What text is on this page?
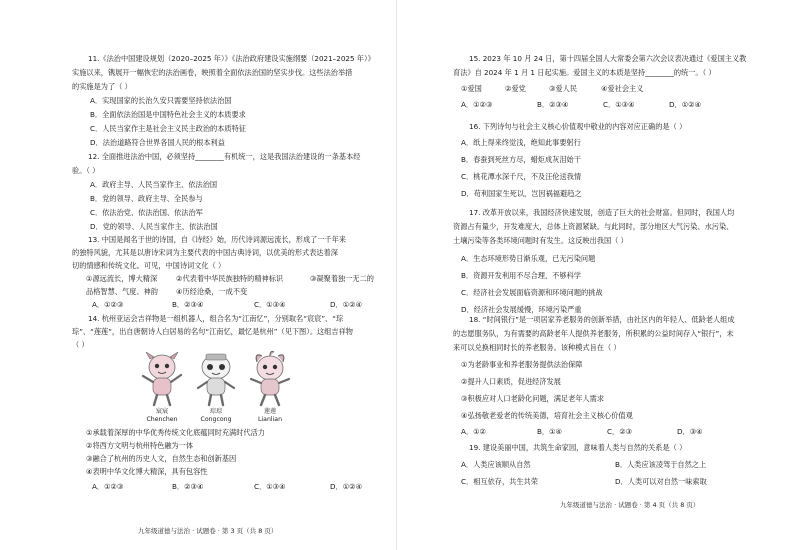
11.《法治中国建设规划（2020–2025 年）》《法治政府建设实施纲要（2021–2025 年）》
实施以来，镌展开一幅恢宏的法治画卷，映照着全面依法治国的坚实步伐。这些法治举措
的实施是为了（ ）
A．实现国家的长治久安只需要坚持依法治国
B．全面依法治国是中国特色社会主义的本质要求
C．人民当家作主是社会主义民主政治的本质特征
D．法治道路符合世界各国人民的根本利益
12. 全面推进法治中国，必须坚持________有机统一，这是我国法治建设的一条基本经
验。（ ）
A．政府主导、人民当家作主、依法治国
B．党的领导、政府主导、全民参与
C．依法治党、依法治国、依法治军
D．党的领导、人民当家作主、依法治国
13. 中国是闻名于世的诗国，自《诗经》始，历代诗词源远流长，形成了一千年来
的独特风貌，尤其是以唐诗宋词为主要代表的中国古典诗词，以优美的形式表达着深
切的情感和传统文化。可见，中国诗词文化（ ）
①源远流长，博大精深	②代表着中华民族独特的精神标识	③凝聚着独一无二的
品格智慧、气度、神韵	④历经沧桑，一成不变
A．①②③	B．②③④	C．①③④	D．①②④
14. 杭州亚运会吉祥物是一组机器人，组合名为“江南忆”，分别取名“宸宸”、“琮
琮”、“莲莲”，出自唐朝诗人白居易的名句“江南忆，最忆是杭州”（见下图）。这组吉祥物
（ ）
宸宸
Chenchen
琮琮
Congcong
莲莲
Lianlian
①承载着深厚的中华优秀传统文化底蕴同时充满时代活力
②将西方文明与杭州特色融为一体
③融合了杭州的历史人文，自然生态和创新基因
④表明中华文化博大精深，具有包容性
A．①②③	B．②③④	C．①③④	D．①②④
九年级道德与法治 · 试题卷 · 第 3 页（共 8 页）
15. 2023 年 10 月 24 日，第十四届全国人大常委会第六次会议表决通过《爱国主义教
育法》自 2024 年 1 月 1 日起实施。爱国主义的本质是坚持________的统一。（ ）
①爱国	②爱党	③爱人民	④爱社会主义
A．①②③	B．②③④	C．①③④	D．①②④
16. 下列诗句与社会主义核心价值观中敬业的内容对应正确的是（ ）
A．纸上得来终觉浅，绝知此事要躬行
B．春蚕到死丝方尽，蜡炬成灰泪始干
C．桃花潭水深千尺，不及汪伦送我情
D．苟利国家生死以，岂因祸福避趋之
17. 改革开放以来，我国经济快速发展，创造了巨大的社会财富。但同时，我国人均
资源占有量少，开发难度大，总体上资源紧缺。与此同时，部分地区大气污染、水污染、
土壤污染等各类环境问题时有发生。这反映出我国（ ）
A．生态环境形势日渐乐观，已无污染问题
B．资源开发利用不尽合理，不够科学
C．经济社会发展面临资源和环境问题的挑战
D．经济社会发展缓慢，环境污染严重
18. “时间银行”是一项居家养老服务的创新举措，由社区内的年轻人、低龄老人组成
的志愿服务队，为有需要的高龄老年人提供养老服务，所积累的公益时间存入“银行”，未
来可以兑换相同时长的养老服务。该种模式旨在（ ）
①为老龄事业和养老服务提供法治保障
②提升人口素质，促进经济发展
③积极应对人口老龄化问题，满足老年人需求
④弘扬敬老爱老的传统美德，培育社会主义核心价值观
A．①②	B．①④	C．②③	D．③④
19. 建设美丽中国，共筑生命家园，意味着人类与自然的关系是（ ）
A．人类应该顺从自然	B．人类应该凌驾于自然之上
C．相互依存，共生共荣	D．人类可以对自然一味索取
九年级道德与法治 · 试题卷 · 第 4 页（共 8 页）
